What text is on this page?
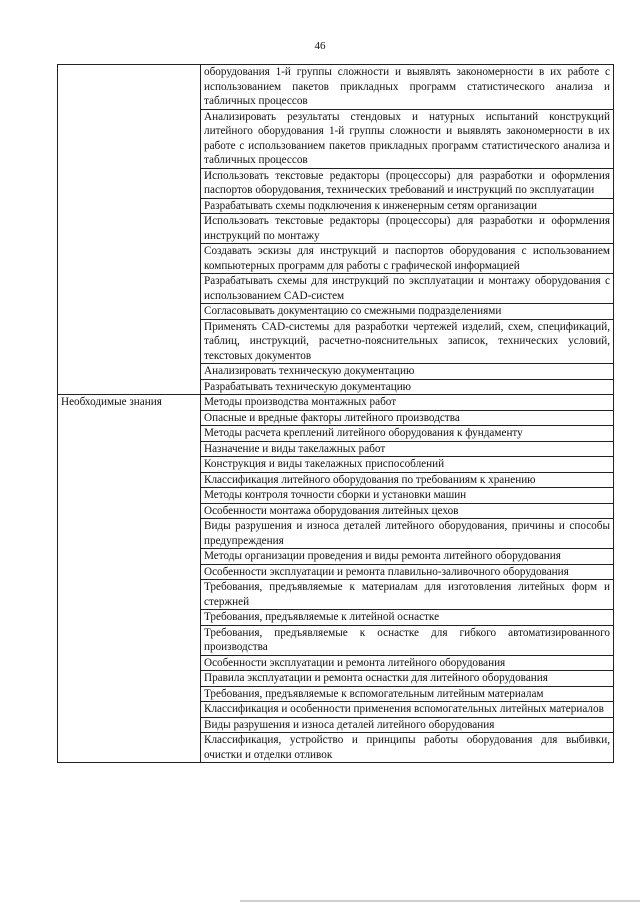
46
	оборудования 1-й группы сложности и выявлять закономерности в их работе с использованием пакетов прикладных программ статистического анализа и табличных процессов
	Анализировать результаты стендовых и натурных испытаний конструкций литейного оборудования 1-й группы сложности и выявлять закономерности в их работе с использованием пакетов прикладных программ статистического анализа и табличных процессов
	Использовать текстовые редакторы (процессоры) для разработки и оформления паспортов оборудования, технических требований и инструкций по эксплуатации
	Разрабатывать схемы подключения к инженерным сетям организации
	Использовать текстовые редакторы (процессоры) для разработки и оформления инструкций по монтажу
	Создавать эскизы для инструкций и паспортов оборудования с использованием компьютерных программ для работы с графической информацией
	Разрабатывать схемы для инструкций по эксплуатации и монтажу оборудования с использованием CAD-систем
	Согласовывать документацию со смежными подразделениями
	Применять CAD-системы для разработки чертежей изделий, схем, спецификаций, таблиц, инструкций, расчетно-пояснительных записок, технических условий, текстовых документов
	Анализировать техническую документацию
	Разрабатывать техническую документацию
Необходимые знания	Методы производства монтажных работ
	Опасные и вредные факторы литейного производства
	Методы расчета креплений литейного оборудования к фундаменту
	Назначение и виды такелажных работ
	Конструкция и виды такелажных приспособлений
	Классификация литейного оборудования по требованиям к хранению
	Методы контроля точности сборки и установки машин
	Особенности монтажа оборудования литейных цехов
	Виды разрушения и износа деталей литейного оборудования, причины и способы предупреждения
	Методы организации проведения и виды ремонта литейного оборудования
	Особенности эксплуатации и ремонта плавильно-заливочного оборудования
	Требования, предъявляемые к материалам для изготовления литейных форм и стержней
	Требования, предъявляемые к литейной оснастке
	Требования, предъявляемые к оснастке для гибкого автоматизированного производства
	Особенности эксплуатации и ремонта литейного оборудования
	Правила эксплуатации и ремонта оснастки для литейного оборудования
	Требования, предъявляемые к вспомогательным литейным материалам
	Классификация и особенности применения вспомогательных литейных материалов
	Виды разрушения и износа деталей литейного оборудования
	Классификация, устройство и принципы работы оборудования для выбивки, очистки и отделки отливок
